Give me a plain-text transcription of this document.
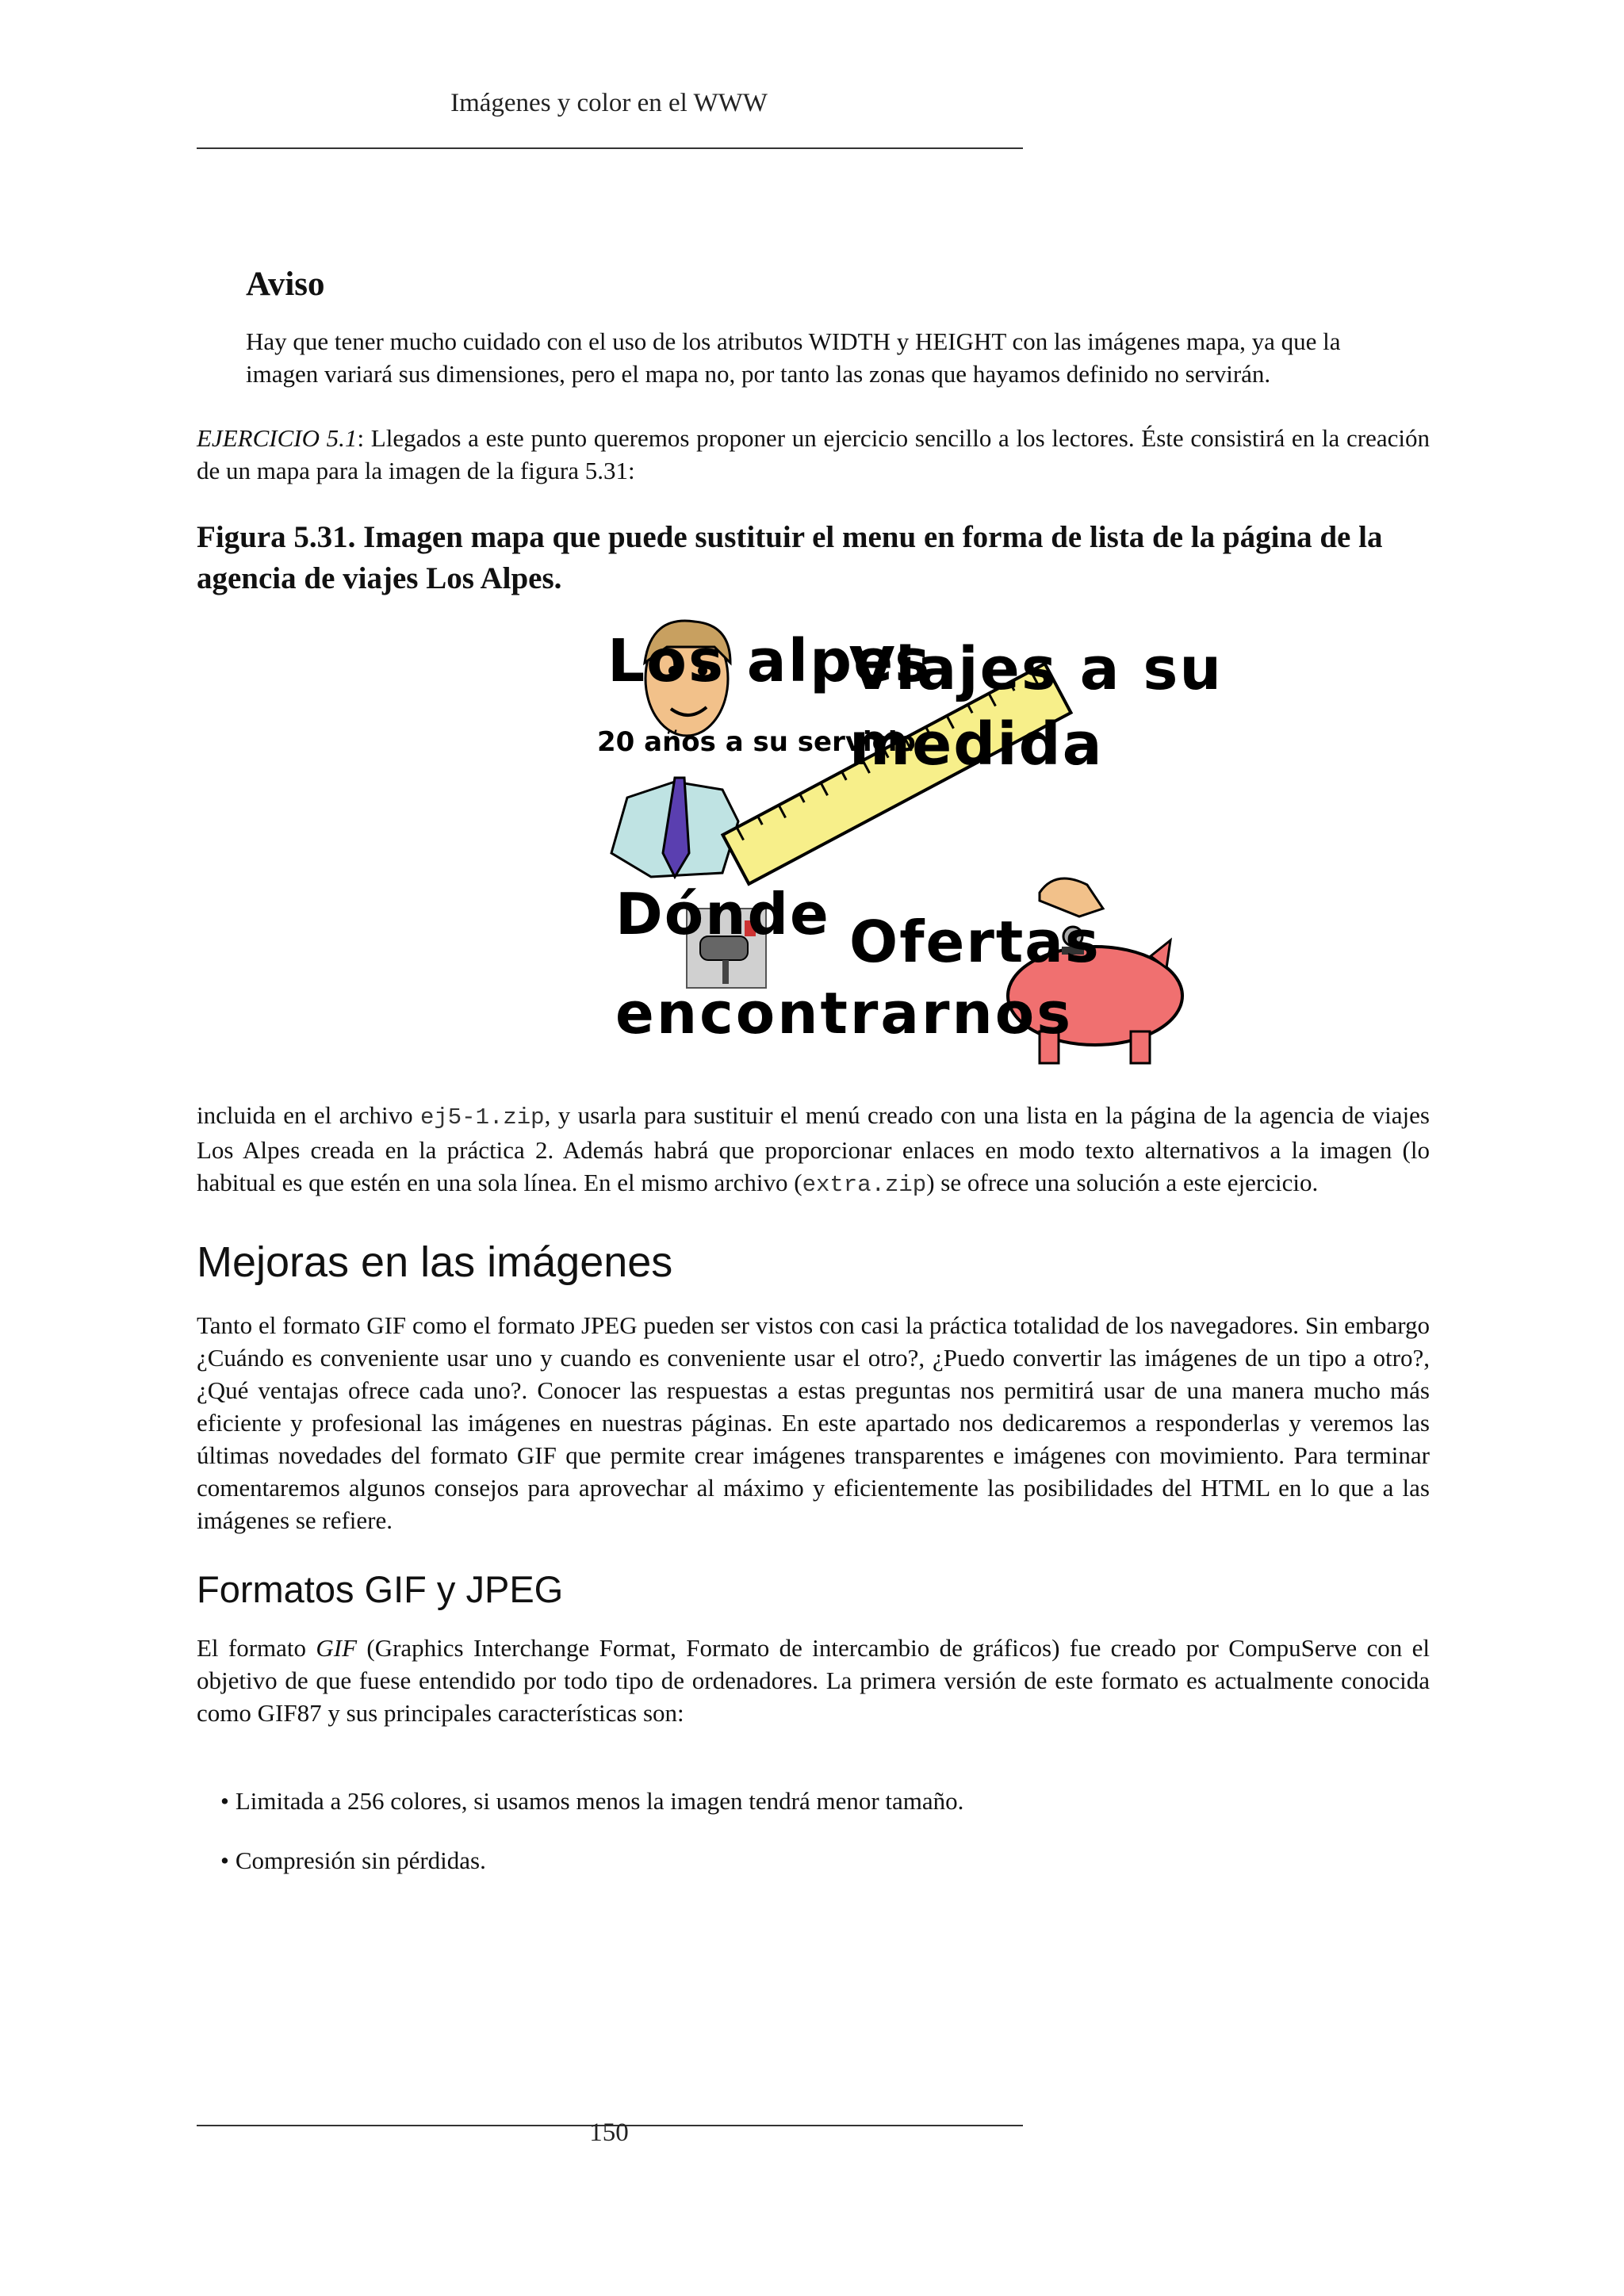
Imágenes y color en el WWW
Aviso

Hay que tener mucho cuidado con el uso de los atributos WIDTH y HEIGHT con las imágenes mapa, ya que la imagen variará sus dimensiones, pero el mapa no, por tanto las zonas que hayamos definido no servirán.

EJERCICIO 5.1: Llegados a este punto queremos proponer un ejercicio sencillo a los lectores. Éste consistirá en la creación de un mapa para la imagen de la figura 5.31:

Figura 5.31. Imagen mapa que puede sustituir el menu en forma de lista de la página de la agencia de viajes Los Alpes.

Los alpes
20 años a su servicio
Viajes a su
medida
Dónde
encontrarnos
Ofertas

incluida en el archivo ej5-1.zip, y usarla para sustituir el menú creado con una lista en la página de la agencia de viajes Los Alpes creada en la práctica 2. Además habrá que proporcionar enlaces en modo texto alternativos a la imagen (lo habitual es que estén en una sola línea. En el mismo archivo (extra.zip) se ofrece una solución a este ejercicio.

Mejoras en las imágenes

Tanto el formato GIF como el formato JPEG pueden ser vistos con casi la práctica totalidad de los navegadores. Sin embargo ¿Cuándo es conveniente usar uno y cuando es conveniente usar el otro?, ¿Puedo convertir las imágenes de un tipo a otro?, ¿Qué ventajas ofrece cada uno?. Conocer las respuestas a estas preguntas nos permitirá usar de una manera mucho más eficiente y profesional las imágenes en nuestras páginas. En este apartado nos dedicaremos a responderlas y veremos las últimas novedades del formato GIF que permite crear imágenes transparentes e imágenes con movimiento. Para terminar comentaremos algunos consejos para aprovechar al máximo y eficientemente las posibilidades del HTML en lo que a las imágenes se refiere.

Formatos GIF y JPEG

El formato GIF (Graphics Interchange Format, Formato de intercambio de gráficos) fue creado por CompuServe con el objetivo de que fuese entendido por todo tipo de ordenadores. La primera versión de este formato es actualmente conocida como GIF87 y sus principales características son:

• Limitada a 256 colores, si usamos menos la imagen tendrá menor tamaño.
• Compresión sin pérdidas.
150
